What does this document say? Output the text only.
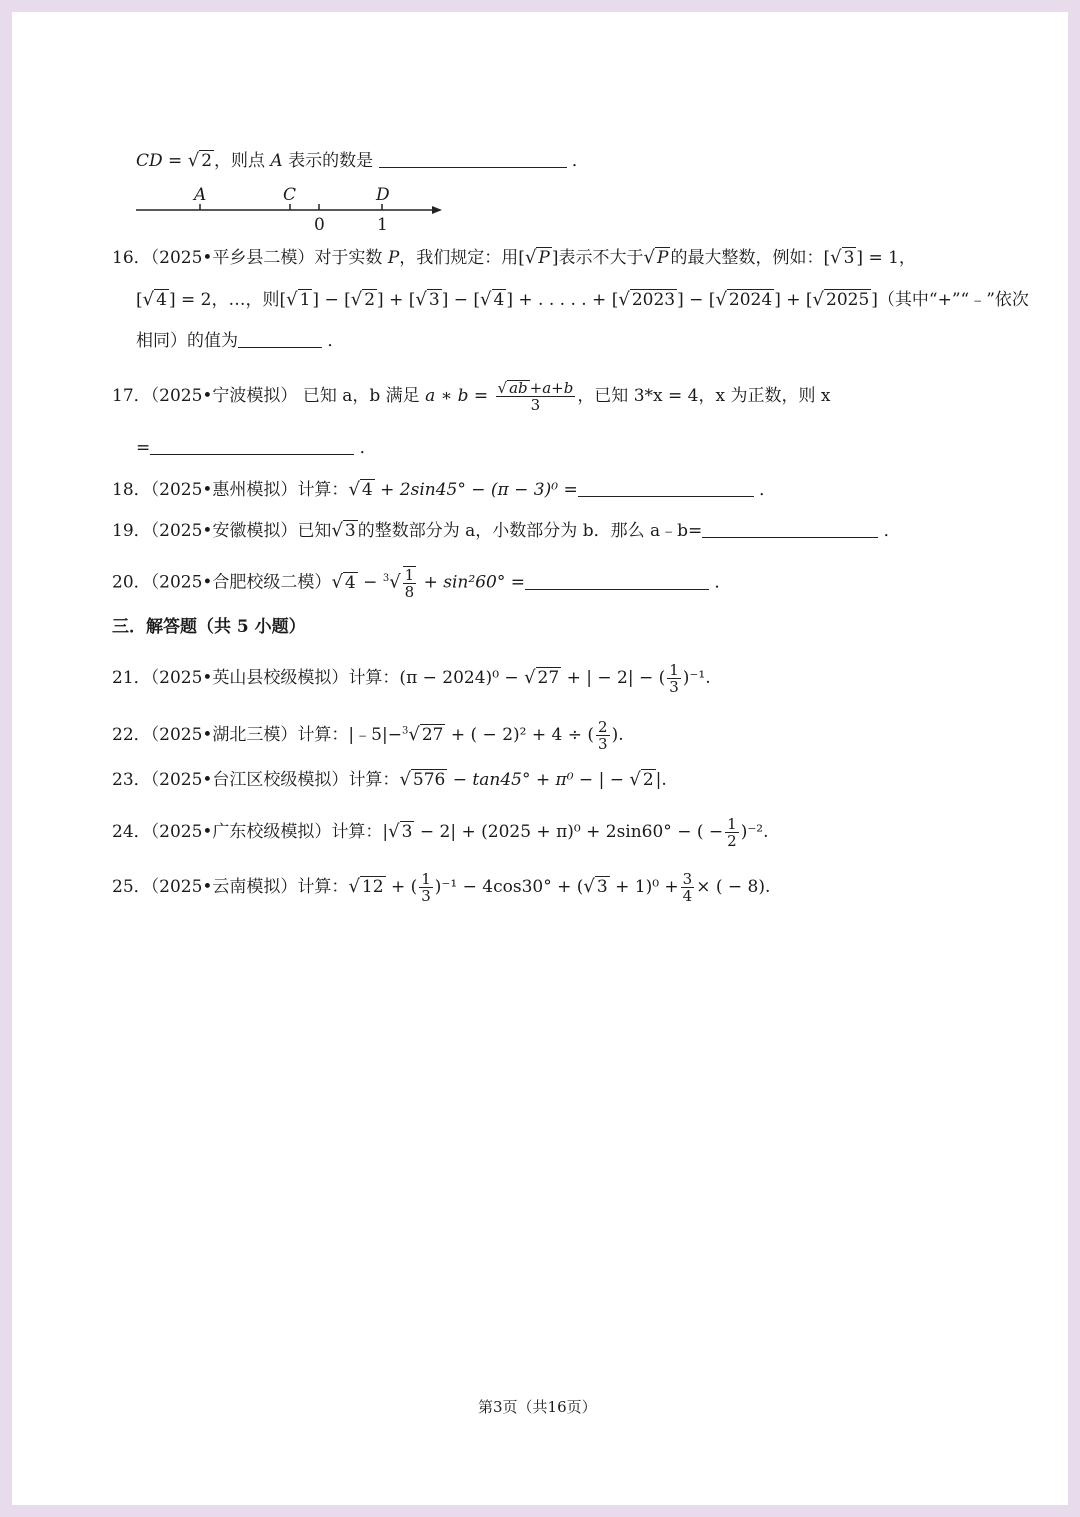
CD = √ 2 ，则点 A 表示的数是	．
A	C	D
0	1
16．（2025•平乡县二模）对于实数 P，我们规定：用[√ P ]表示不大于√ P 的最大整数，例如：[√ 3 ] = 1，
[√ 4 ] = 2，…，则[√ 1 ] − [√ 2 ] + [√ 3 ] − [√ 4 ] + . . . . . + [√ 2023 ] − [√ 2024 ] + [√ 2025 ]（其中“+”“﹣”依次
相同）的值为	．
17．（2025•宁波模拟） 已知 a，b 满足 a ∗ $b = \frac{√ ab +a+b}{3}$ ，已知 3*x = 4，x 为正数，则 x
=	．
18．（2025•惠州模拟）计算：√ 4 + 2sin45° − (π − 3)⁰ =	．
19．（2025•安徽模拟）已知√ 3 的整数部分为 a，小数部分为 b．那么 a﹣b=	．
20．（2025•合肥校级二模）√ $4 - ^3√ \frac{1}{8} + \sin^260^\circ$ =	．
三．解答题（共 5 小题）
21．（2025•英山县校级模拟）计算：(π − 2024)⁰ − √ 27 + | − 2| − ( $\frac{1}{3} )^{-1}$.
22．（2025•湖北三模）计算：|﹣5|−$^3$√ 27 + ( − 2)² + 4 ÷ ( $\frac{2}{3}$ ).
23．（2025•台江区校级模拟）计算：√ 576 − tan45° + π⁰ − | − √ 2 |.
24．（2025•广东校级模拟）计算：|√ 3 − 2| + (2025 + π)⁰ + 2sin60° − ( − $\frac{1}{2} )^{-2}$.
25．（2025•云南模拟）计算：√ 12 + ( $\frac{1}{3} )^{-1} - 4\cos 30^\circ$ + (√ $3 + 1)^0 + \frac{3}{4}$ × ( − 8).
第3页（共16页）
